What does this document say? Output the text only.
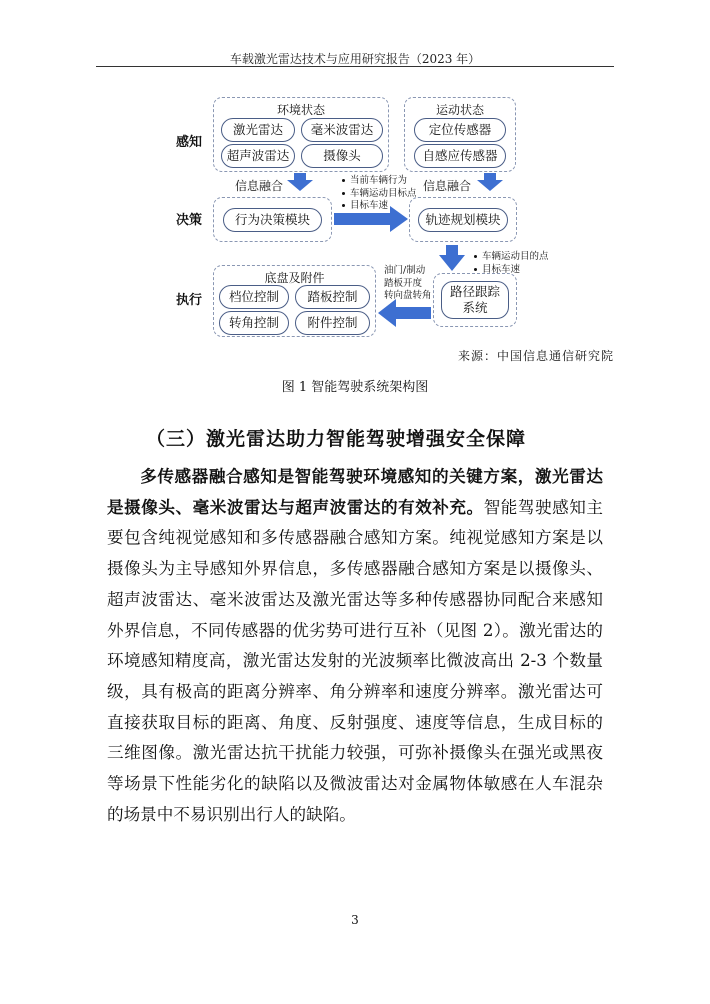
车载激光雷达技术与应用研究报告（2023 年）
感知
决策
执行
环境状态
激光雷达	毫米波雷达
超声波雷达	摄像头
运动状态
定位传感器
自感应传感器
信息融合	信息融合
行为决策模块	轨迹规划模块
当前车辆行为
车辆运动目标点
目标车速
车辆运动目的点
目标车速
底盘及附件
档位控制	踏板控制
转角控制	附件控制
油门/制动
踏板开度
转向盘转角	路径跟踪
系统
来源：中国信息通信研究院
图 1 智能驾驶系统架构图
（三）激光雷达助力智能驾驶增强安全保障
多传感器融合感知是智能驾驶环境感知的关键方案，激光雷达是摄像头、毫米波雷达与超声波雷达的有效补充。智能驾驶感知主要包含纯视觉感知和多传感器融合感知方案。纯视觉感知方案是以摄像头为主导感知外界信息，多传感器融合感知方案是以摄像头、超声波雷达、毫米波雷达及激光雷达等多种传感器协同配合来感知外界信息，不同传感器的优劣势可进行互补（见图 2）。激光雷达的环境感知精度高，激光雷达发射的光波频率比微波高出 2-3 个数量级，具有极高的距离分辨率、角分辨率和速度分辨率。激光雷达可直接获取目标的距离、角度、反射强度、速度等信息，生成目标的三维图像。激光雷达抗干扰能力较强，可弥补摄像头在强光或黑夜等场景下性能劣化的缺陷以及微波雷达对金属物体敏感在人车混杂的场景中不易识别出行人的缺陷。
3
